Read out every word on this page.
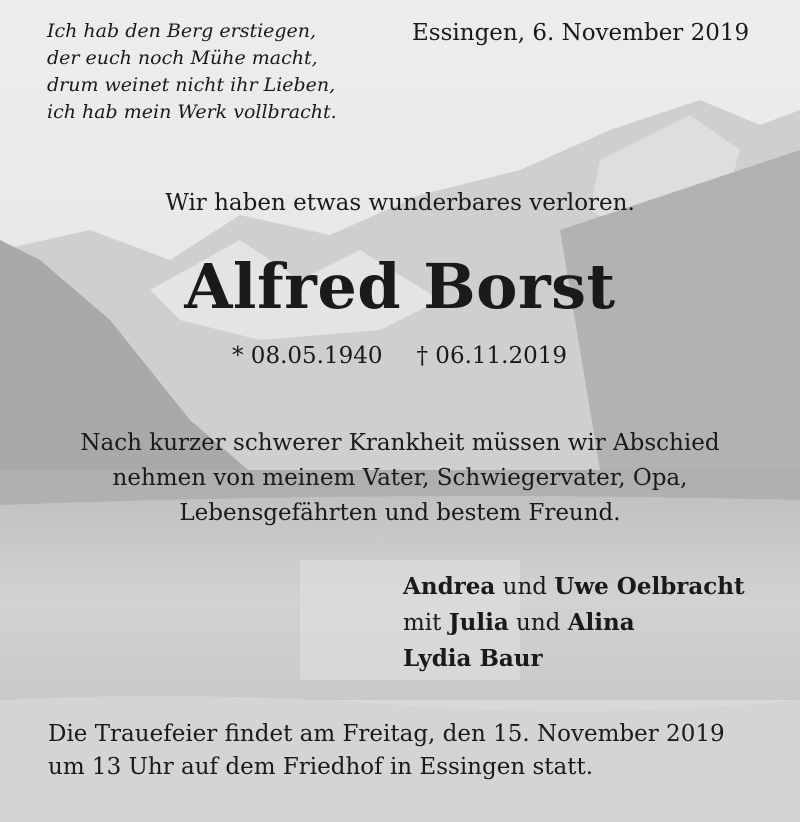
Ich hab den Berg erstiegen,
der euch noch Mühe macht,
drum weinet nicht ihr Lieben,
ich hab mein Werk vollbracht.
Essingen, 6. November 2019
Wir haben etwas wunderbares verloren.
Alfred Borst
* 08.05.1940 † 06.11.2019
Nach kurzer schwerer Krankheit müssen wir Abschied
nehmen von meinem Vater, Schwiegervater, Opa,
Lebensgefährten und bestem Freund.
Andrea und Uwe Oelbracht
mit Julia und Alina
Lydia Baur
Die Trauefeier findet am Freitag, den 15. November 2019
um 13 Uhr auf dem Friedhof in Essingen statt.
